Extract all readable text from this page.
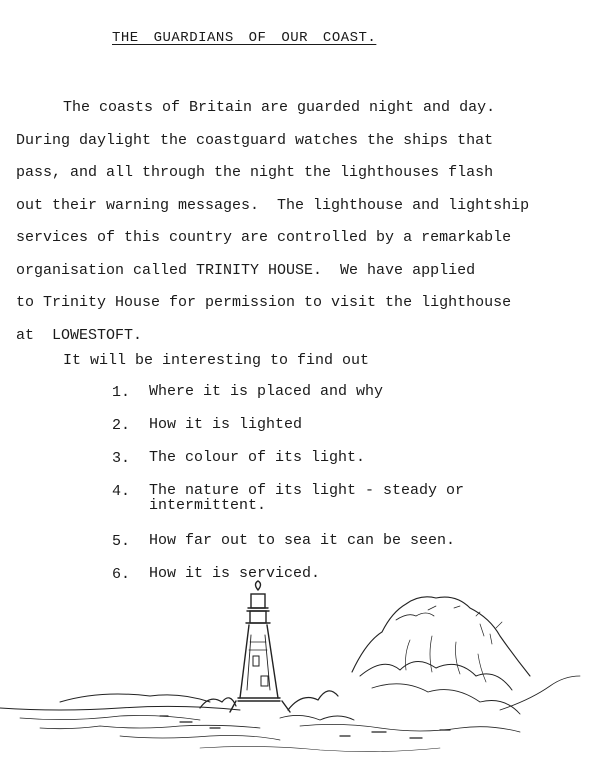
THE GUARDIANS OF OUR COAST.
The coasts of Britain are guarded night and day.
During daylight the coastguard watches the ships that
pass, and all through the night the lighthouses flash
out their warning messages.  The lighthouse and lightship
services of this country are controlled by a remarkable
organisation called TRINITY HOUSE.  We have applied
to Trinity House for permission to visit the lighthouse
at  LOWESTOFT.
It will be interesting to find out
1.	Where it is placed and why
2.	How it is lighted
3.	The colour of its light.
4.	The nature of its light - steady or intermittent.
5.	How far out to sea it can be seen.
6.	How it is serviced.
